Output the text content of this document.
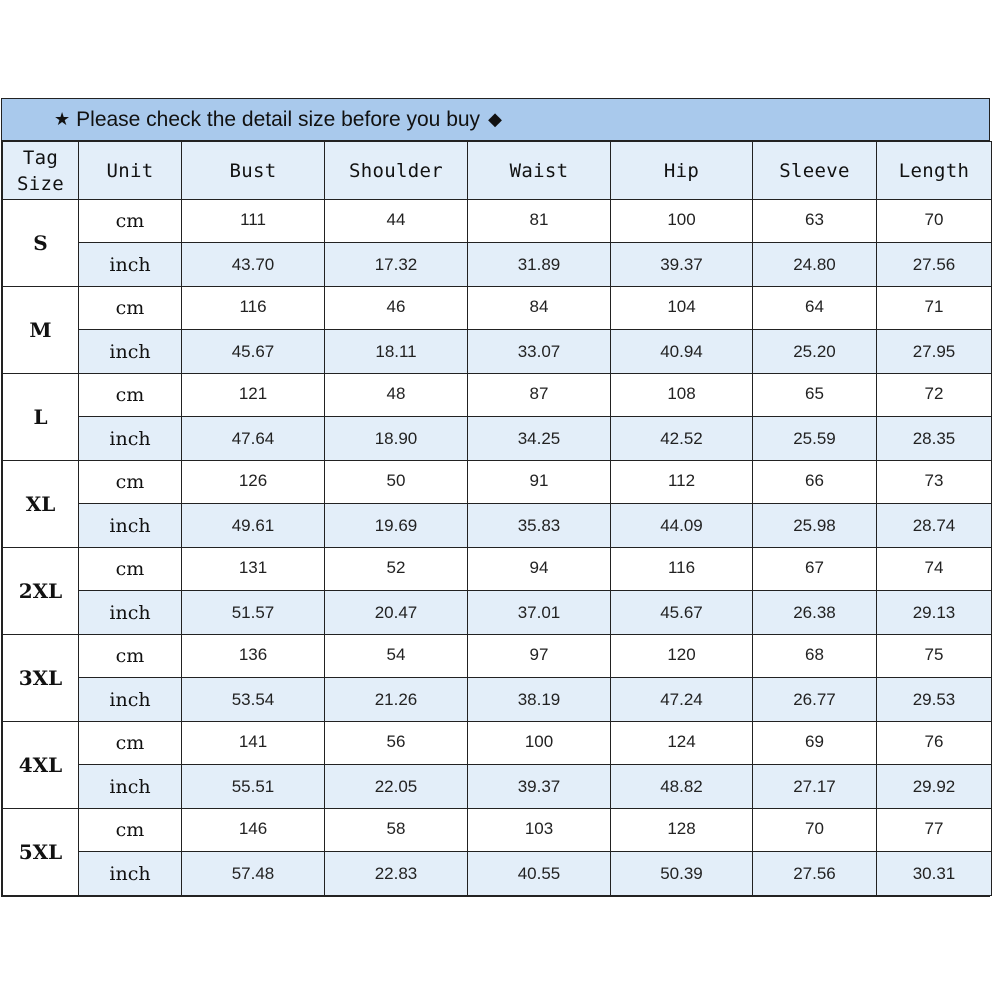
★ Please check the detail size before you buy ◆
Tag
Size	Unit	Bust	Shoulder	Waist	Hip	Sleeve	Length
S	cm	111	44	81	100	63	70
	inch	43.70	17.32	31.89	39.37	24.80	27.56
M	cm	116	46	84	104	64	71
	inch	45.67	18.11	33.07	40.94	25.20	27.95
L	cm	121	48	87	108	65	72
	inch	47.64	18.90	34.25	42.52	25.59	28.35
XL	cm	126	50	91	112	66	73
	inch	49.61	19.69	35.83	44.09	25.98	28.74
2XL	cm	131	52	94	116	67	74
	inch	51.57	20.47	37.01	45.67	26.38	29.13
3XL	cm	136	54	97	120	68	75
	inch	53.54	21.26	38.19	47.24	26.77	29.53
4XL	cm	141	56	100	124	69	76
	inch	55.51	22.05	39.37	48.82	27.17	29.92
5XL	cm	146	58	103	128	70	77
	inch	57.48	22.83	40.55	50.39	27.56	30.31
